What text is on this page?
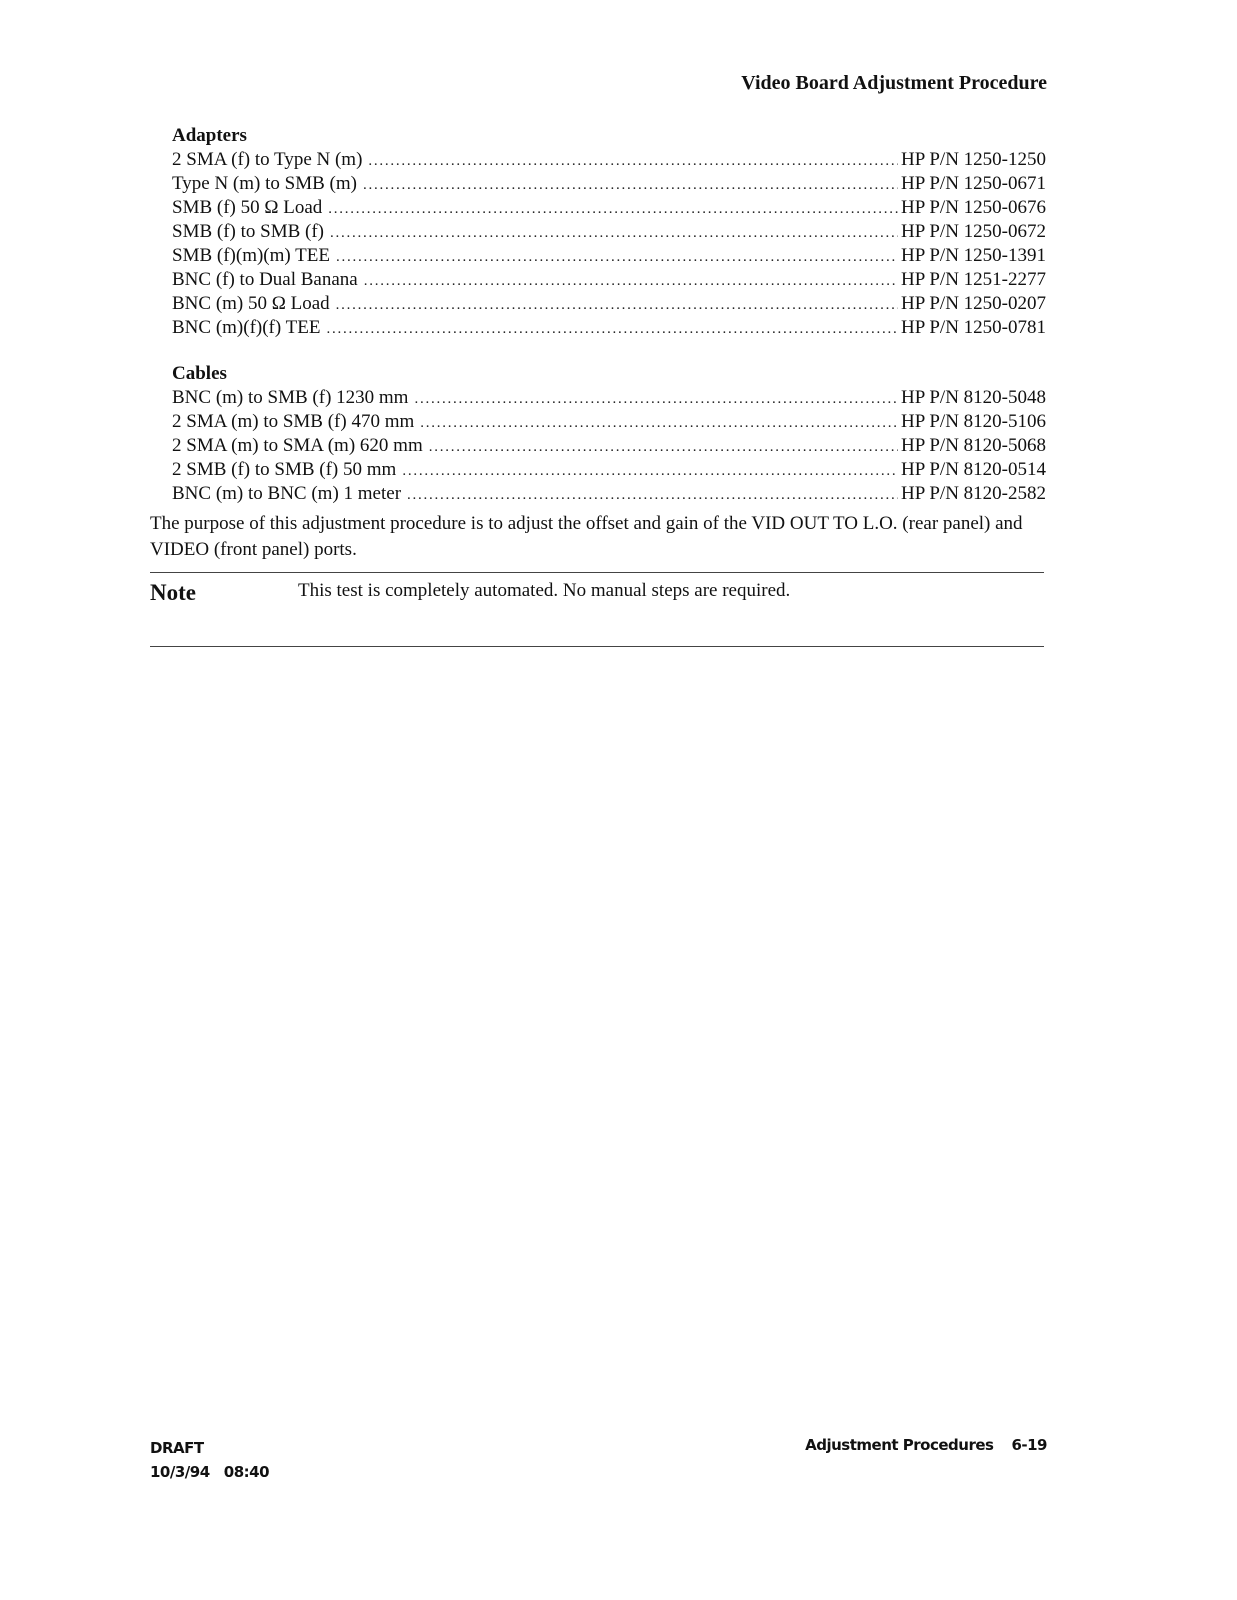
Video Board Adjustment Procedure
Adapters
2 SMA (f) to Type N (m) . . .	HP P/N 1250-1250
Type N (m) to SMB (m) . . .	HP P/N 1250-0671
SMB (f) 50 Ω Load . . .	HP P/N 1250-0676
SMB (f) to SMB (f) . . .	HP P/N 1250-0672
SMB (f)(m)(m) TEE . . .	HP P/N 1250-1391
BNC (f) to Dual Banana . . .	HP P/N 1251-2277
BNC (m) 50 Ω Load . . .	HP P/N 1250-0207
BNC (m)(f)(f) TEE . . .	HP P/N 1250-0781
Cables
BNC (m) to SMB (f) 1230 mm . . .	HP P/N 8120-5048
2 SMA (m) to SMB (f) 470 mm . . .	HP P/N 8120-5106
2 SMA (m) to SMA (m) 620 mm . . .	HP P/N 8120-5068
2 SMB (f) to SMB (f) 50 mm . . .	HP P/N 8120-0514
BNC (m) to BNC (m) 1 meter . . .	HP P/N 8120-2582
The purpose of this adjustment procedure is to adjust the offset and gain of the VID OUT TO L.O. (rear panel) and VIDEO (front panel) ports.
Note	This test is completely automated. No manual steps are required.
DRAFT
10/3/94   08:40
Adjustment Procedures 6-19
